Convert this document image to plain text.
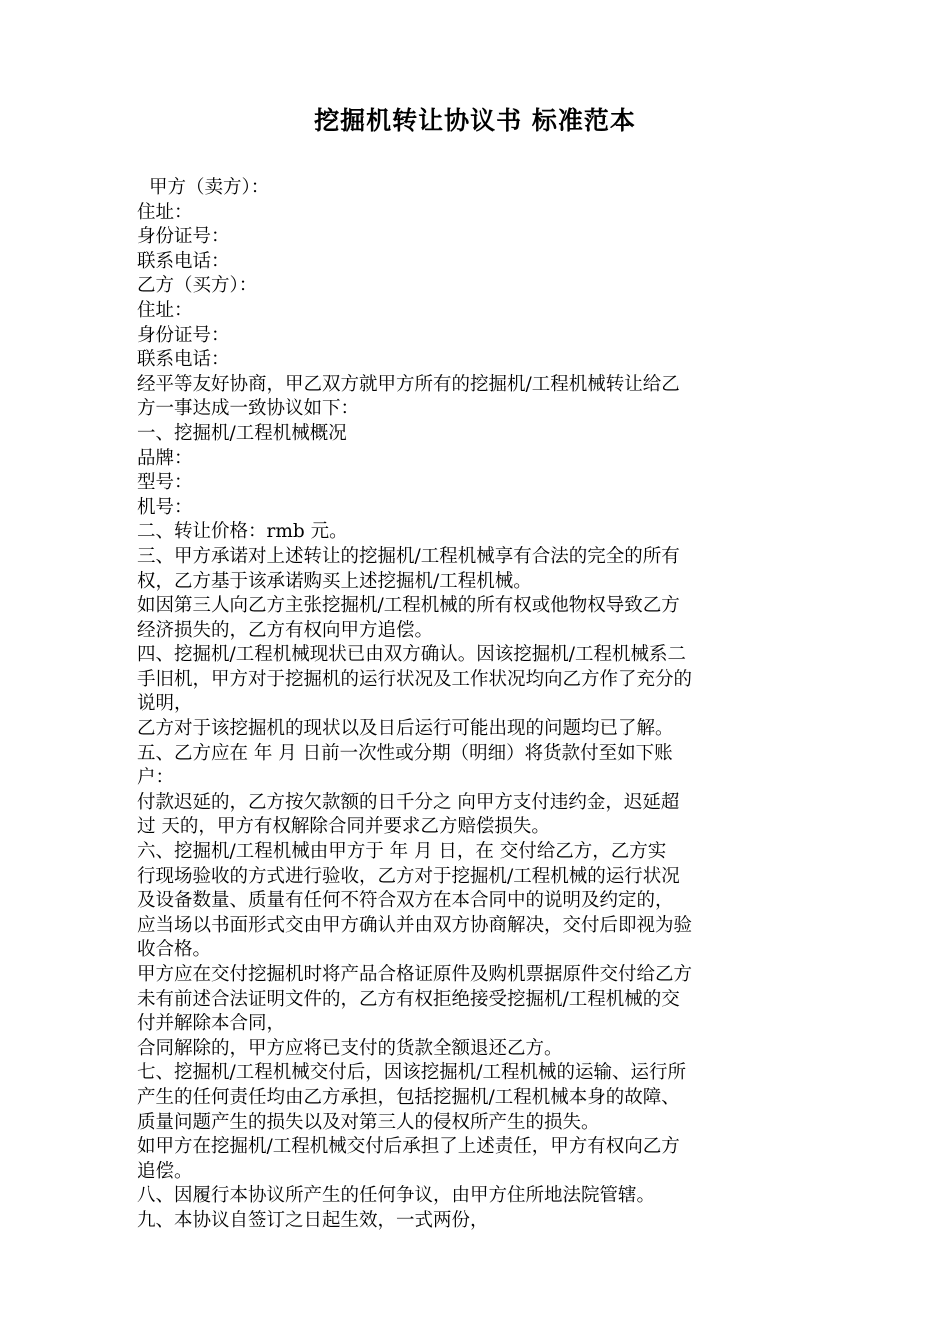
挖掘机转让协议书 标准范本

甲方（卖方）：

住址：

身份证号：

联系电话：

乙方（买方）：

住址：

身份证号：

联系电话：

经平等友好协商，甲乙双方就甲方所有的挖掘机/工程机械转让给乙

方一事达成一致协议如下：

一、挖掘机/工程机械概况

品牌：

型号：

机号：

二、转让价格：rmb 元。

三、甲方承诺对上述转让的挖掘机/工程机械享有合法的完全的所有

权，乙方基于该承诺购买上述挖掘机/工程机械。

如因第三人向乙方主张挖掘机/工程机械的所有权或他物权导致乙方

经济损失的，乙方有权向甲方追偿。

四、挖掘机/工程机械现状已由双方确认。因该挖掘机/工程机械系二

手旧机，甲方对于挖掘机的运行状况及工作状况均向乙方作了充分的

说明，

乙方对于该挖掘机的现状以及日后运行可能出现的问题均已了解。

五、乙方应在 年 月 日前一次性或分期（明细）将货款付至如下账

户：

付款迟延的，乙方按欠款额的日千分之 向甲方支付违约金，迟延超

过 天的，甲方有权解除合同并要求乙方赔偿损失。

六、挖掘机/工程机械由甲方于 年 月 日，在 交付给乙方，乙方实

行现场验收的方式进行验收，乙方对于挖掘机/工程机械的运行状况

及设备数量、质量有任何不符合双方在本合同中的说明及约定的，

应当场以书面形式交由甲方确认并由双方协商解决，交付后即视为验

收合格。

甲方应在交付挖掘机时将产品合格证原件及购机票据原件交付给乙方

未有前述合法证明文件的，乙方有权拒绝接受挖掘机/工程机械的交

付并解除本合同，

合同解除的，甲方应将已支付的货款全额退还乙方。

七、挖掘机/工程机械交付后，因该挖掘机/工程机械的运输、运行所

产生的任何责任均由乙方承担，包括挖掘机/工程机械本身的故障、

质量问题产生的损失以及对第三人的侵权所产生的损失。

如甲方在挖掘机/工程机械交付后承担了上述责任，甲方有权向乙方

追偿。

八、因履行本协议所产生的任何争议，由甲方住所地法院管辖。

九、本协议自签订之日起生效，一式两份，
